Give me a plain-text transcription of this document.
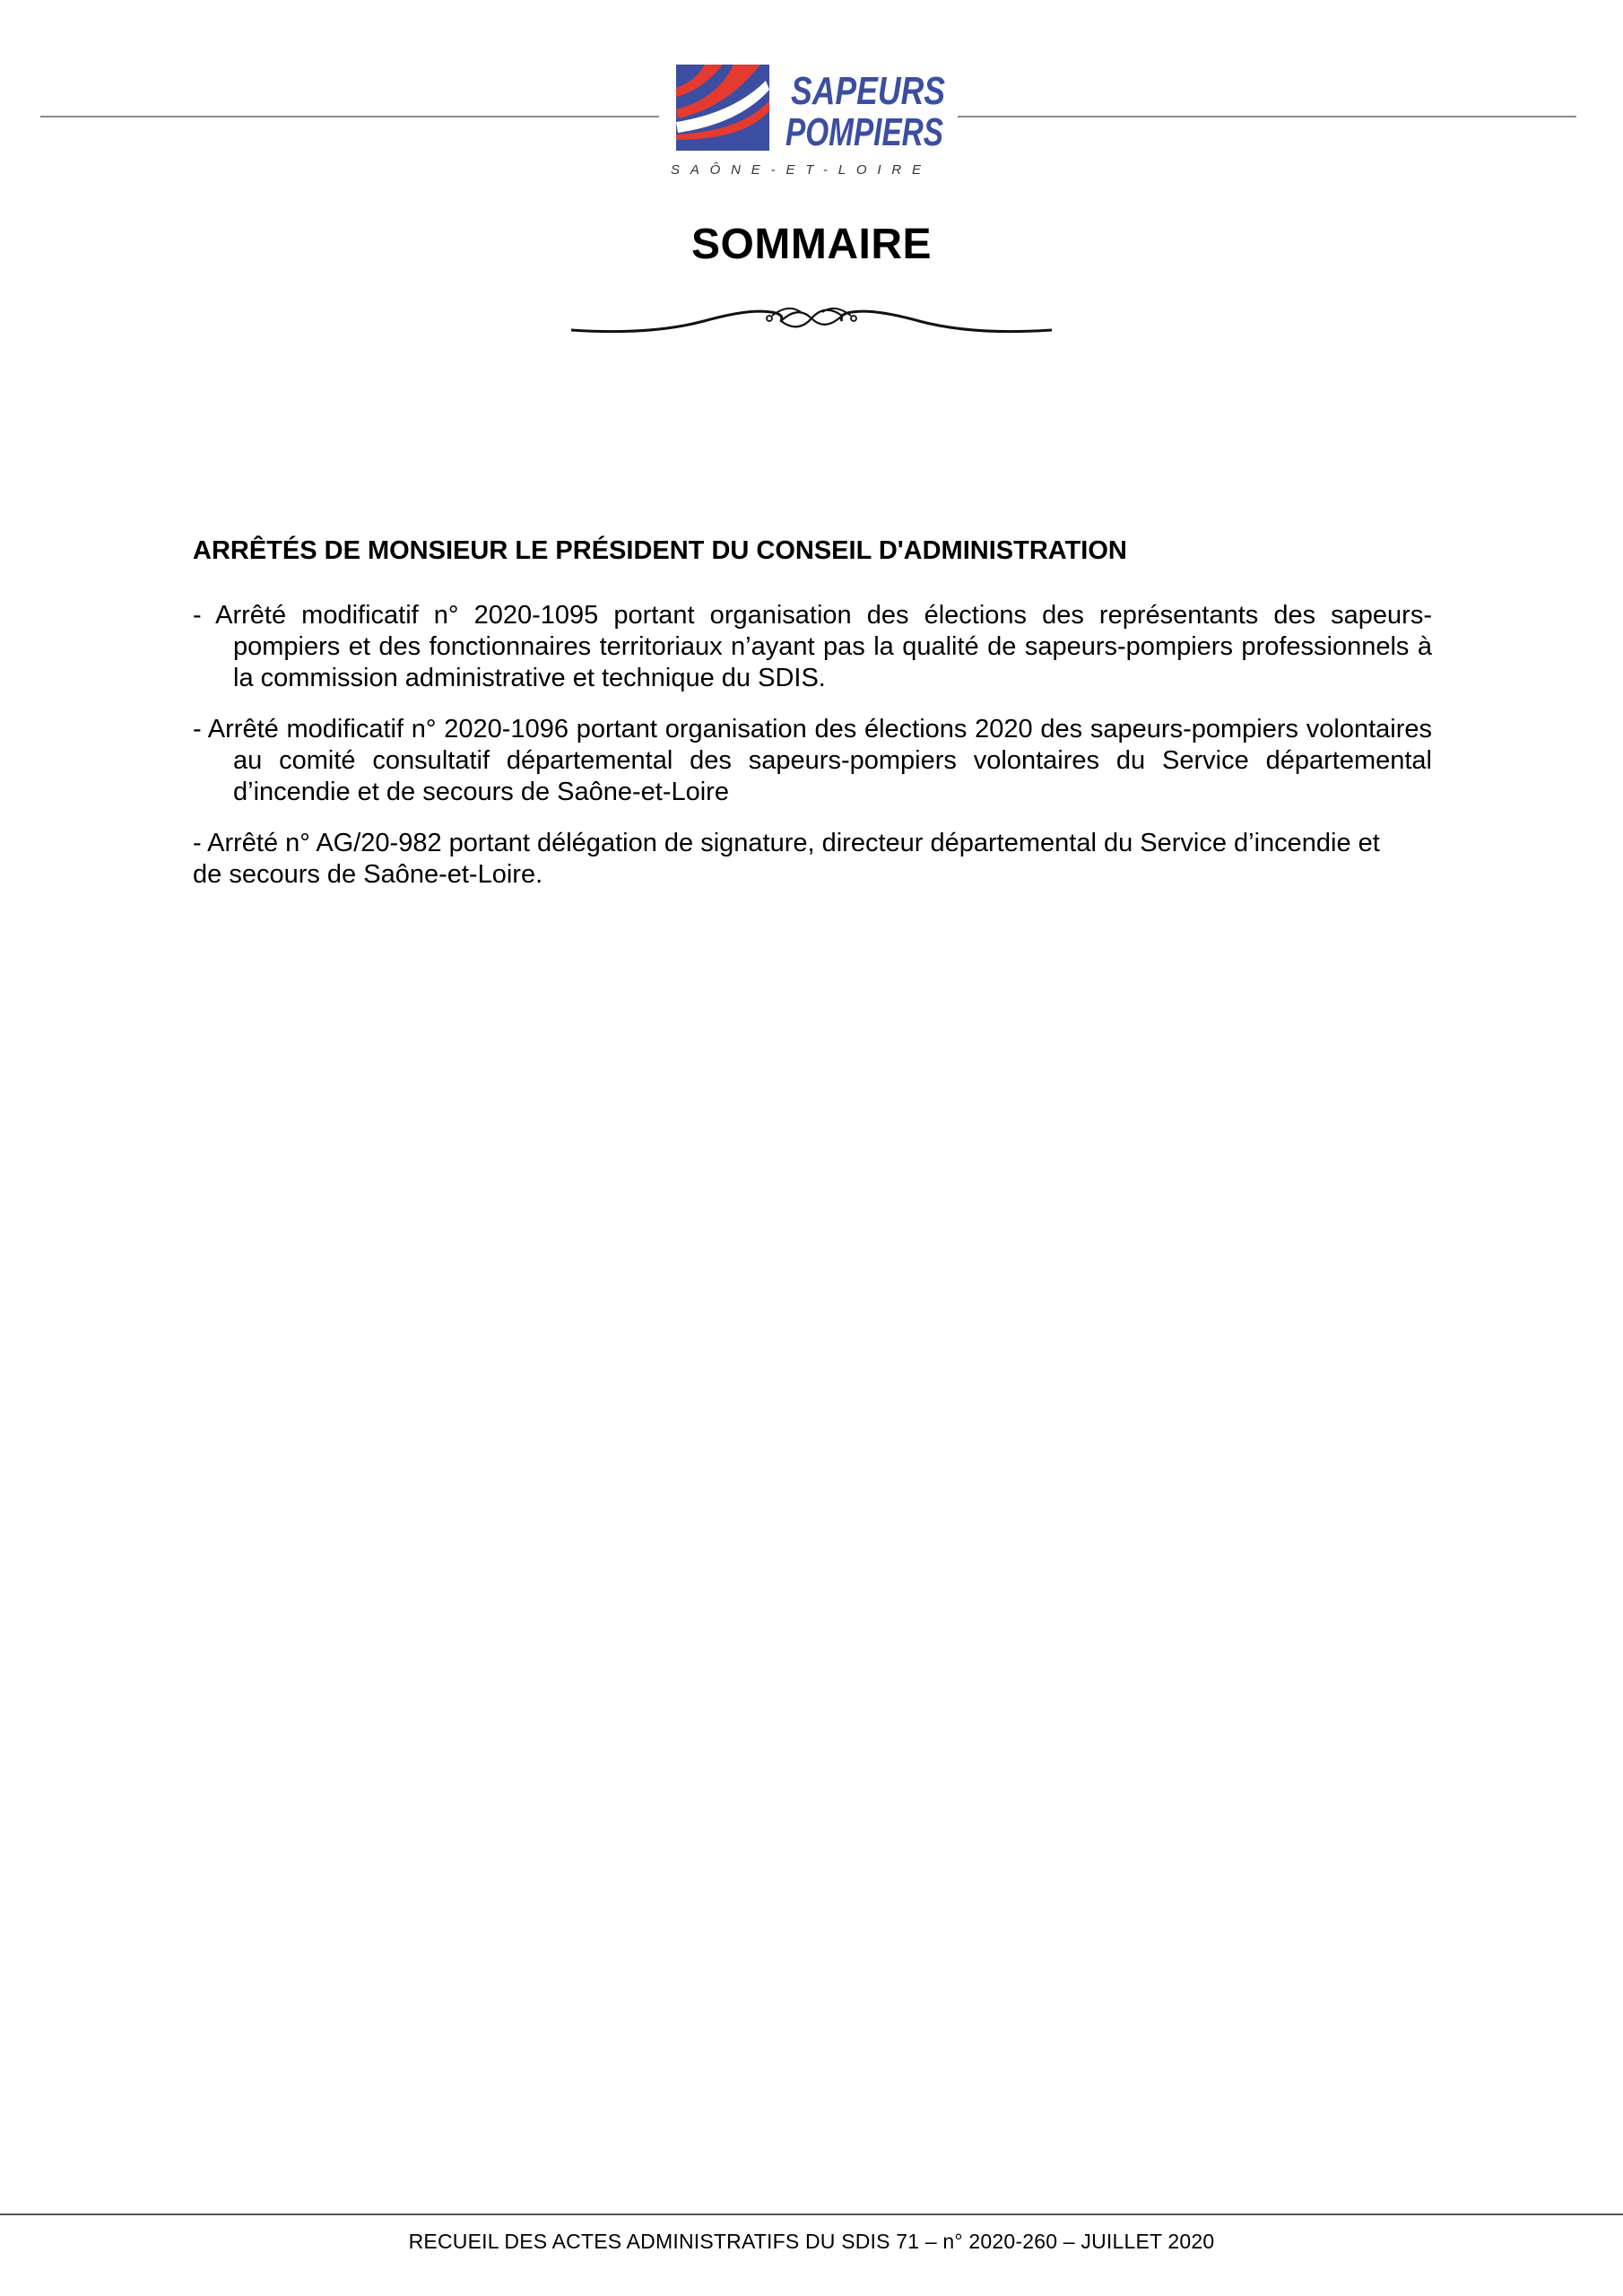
SAPEURS
POMPIERS
SAÔNE-ET-LOIRE
SOMMAIRE
ARRÊTÉS DE MONSIEUR LE PRÉSIDENT DU CONSEIL D'ADMINISTRATION

- Arrêté modificatif n° 2020-1095 portant organisation des élections des représentants des sapeurs-pompiers et des fonctionnaires territoriaux n’ayant pas la qualité de sapeurs-pompiers professionnels à la commission administrative et technique du SDIS.

- Arrêté modificatif n° 2020-1096 portant organisation des élections 2020 des sapeurs-pompiers volontaires au comité consultatif départemental des sapeurs-pompiers volontaires du Service départemental d’incendie et de secours de Saône-et-Loire

- Arrêté n° AG/20-982 portant délégation de signature, directeur départemental du Service d’incendie et de secours de Saône-et-Loire.

RECUEIL DES ACTES ADMINISTRATIFS DU SDIS 71 – n° 2020-260 – JUILLET 2020
